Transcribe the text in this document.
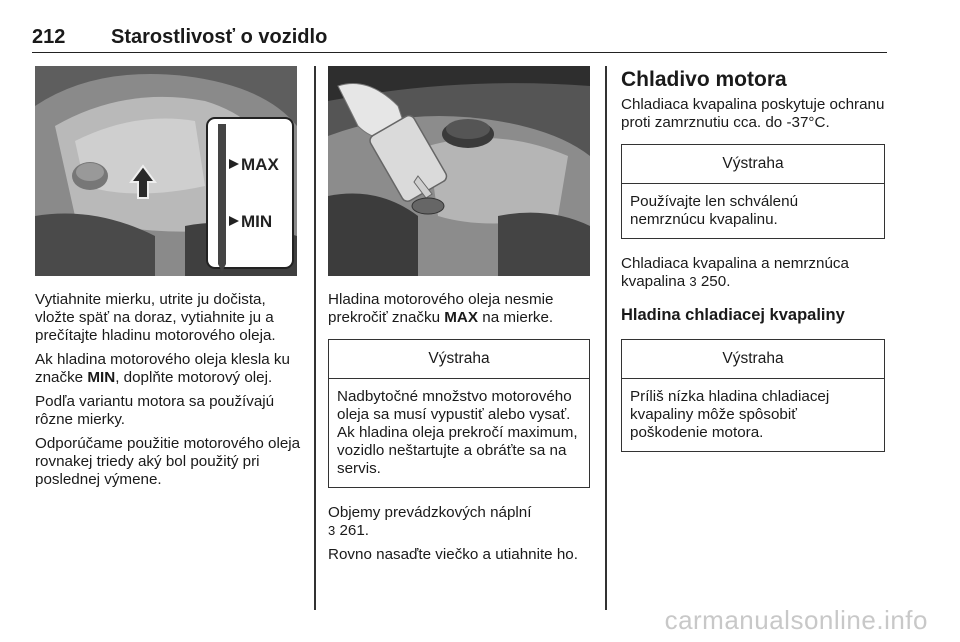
212 Starostlivosť o vozidlo
MAX
MIN

Vytiahnite mierku, utrite ju dočista, vložte späť na doraz, vytiahnite ju a prečítajte hladinu motorového oleja.

Ak hladina motorového oleja klesla ku značke MIN, doplňte motorový olej.

Podľa variantu motora sa používajú rôzne mierky.

Odporúčame použitie motorového oleja rovnakej triedy aký bol použitý pri poslednej výmene.

Hladina motorového oleja nesmie prekročiť značku MAX na mierke.

Výstraha
Nadbytočné množstvo motorového oleja sa musí vypustiť alebo vysať. Ak hladina oleja prekročí maximum, vozidlo neštartujte a obráťte sa na servis.

Objemy prevádzkových náplní
3 261.

Rovno nasaďte viečko a utiahnite ho.

Chladivo motora

Chladiaca kvapalina poskytuje ochranu proti zamrznutiu cca. do -37°C.

Výstraha
Používajte len schválenú nemrznúcu kvapalinu.

Chladiaca kvapalina a nemrznúca kvapalina 3 250.

Hladina chladiacej kvapaliny
Výstraha
Príliš nízka hladina chladiacej kvapaliny môže spôsobiť poškodenie motora.
carmanualsonline.info
